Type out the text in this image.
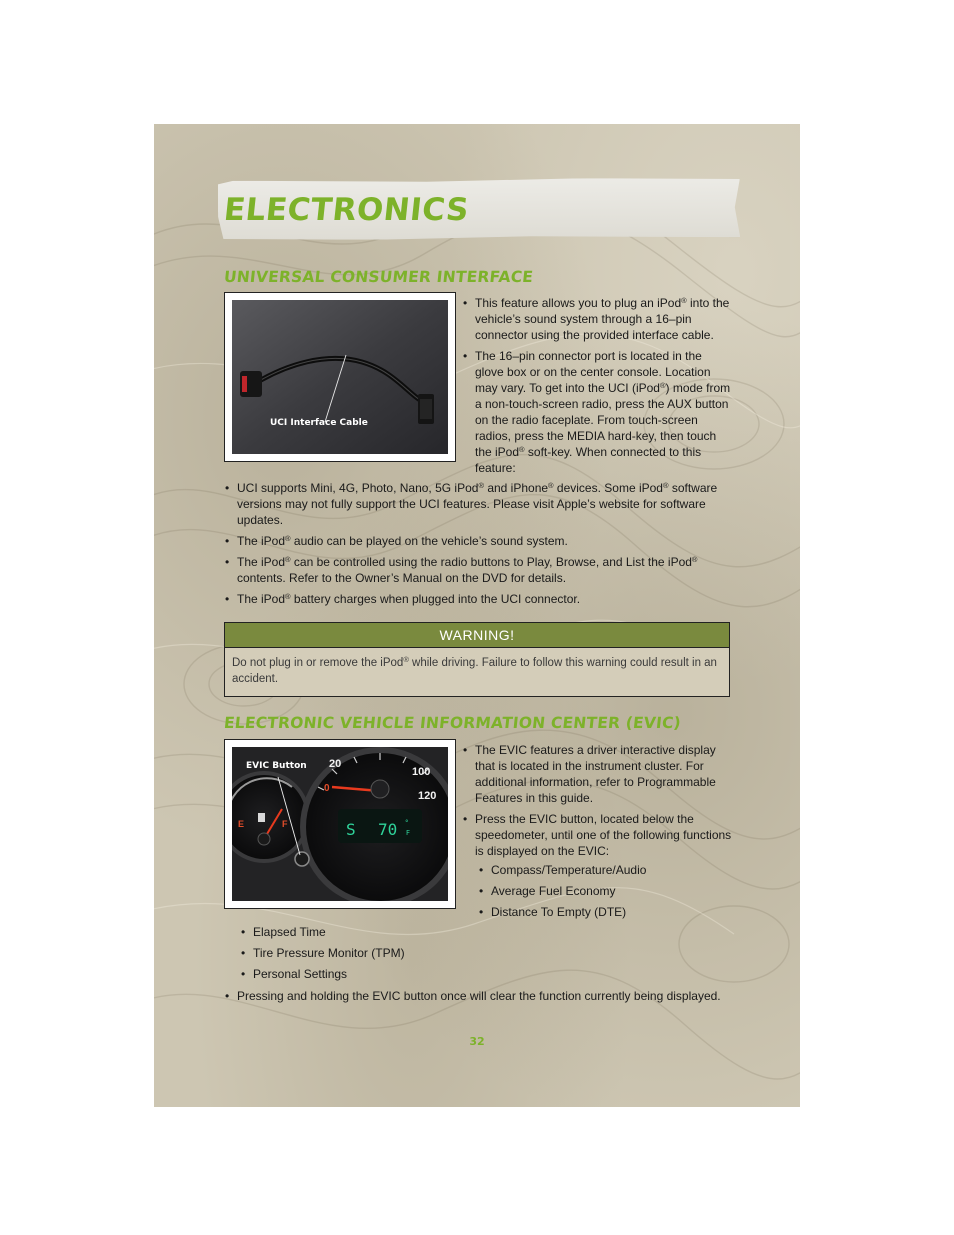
ELECTRONICS
UNIVERSAL CONSUMER INTERFACE
UCI Interface Cable
• This feature allows you to plug an iPod® into the vehicle’s sound system through a 16–pin connector using the provided interface cable.
• The 16–pin connector port is located in the glove box or on the center console. Location may vary. To get into the UCI (iPod®) mode from a non-touch-screen radio, press the AUX button on the radio faceplate. From touch-screen radios, press the MEDIA hard-key, then touch the iPod® soft-key. When connected to this feature:
• UCI supports Mini, 4G, Photo, Nano, 5G iPod® and iPhone® devices. Some iPod® software versions may not fully support the UCI features. Please visit Apple’s website for software updates.
• The iPod® audio can be played on the vehicle’s sound system.
• The iPod® can be controlled using the radio buttons to Play, Browse, and List the iPod® contents. Refer to the Owner’s Manual on the DVD for details.
• The iPod® battery charges when plugged into the UCI connector.
WARNING!
Do not plug in or remove the iPod® while driving. Failure to follow this warning could result in an accident.
ELECTRONIC VEHICLE INFORMATION CENTER (EVIC)
E	F
20
100
120
0
S 70 °
F
EVIC Button
• The EVIC features a driver interactive display that is located in the instrument cluster. For additional information, refer to Programmable Features in this guide.
• Press the EVIC button, located below the speedometer, until one of the following functions is displayed on the EVIC:
• Compass/Temperature/Audio
• Average Fuel Economy
• Distance To Empty (DTE)
• Elapsed Time
• Tire Pressure Monitor (TPM)
• Personal Settings
• Pressing and holding the EVIC button once will clear the function currently being displayed.
32
